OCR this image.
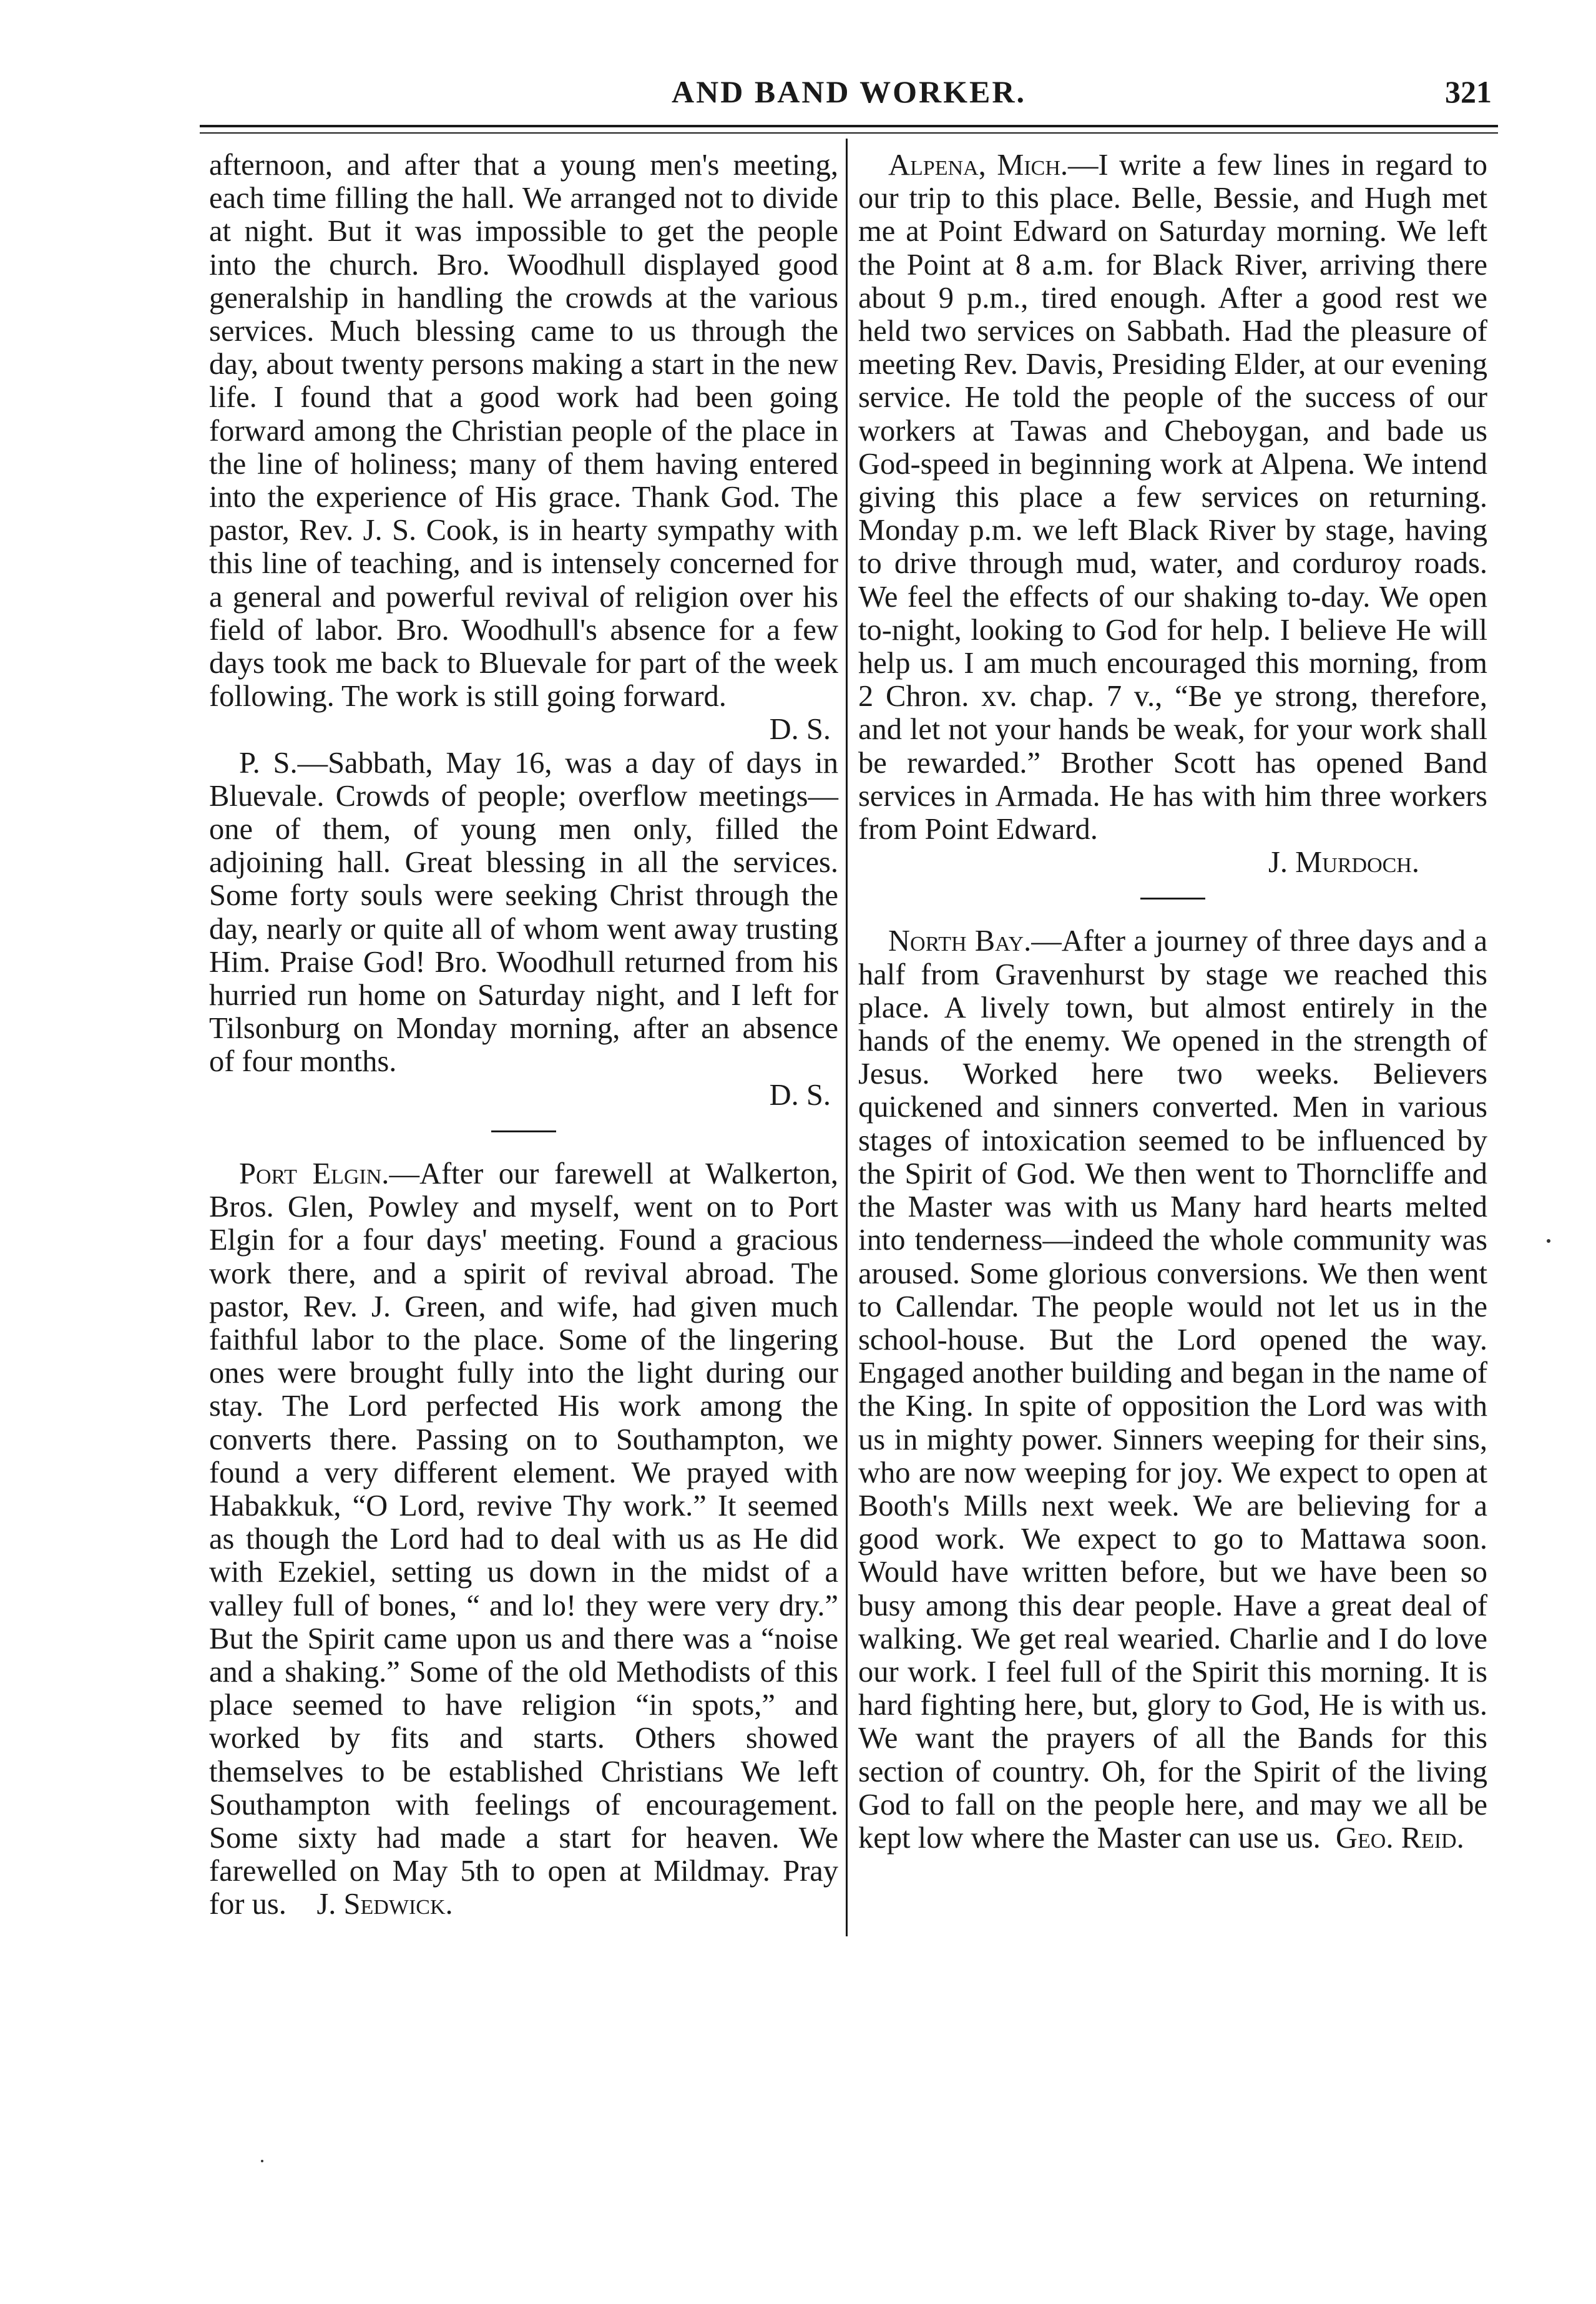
AND BAND WORKER.	321

afternoon, and after that a young men's meeting, each time filling the hall. We arranged not to divide at night. But it was impossible to get the people into the church. Bro. Woodhull displayed good generalship in handling the crowds at the various services. Much blessing came to us through the day, about twenty persons making a start in the new life. I found that a good work had been going forward among the Christian people of the place in the line of holiness; many of them having entered into the experience of His grace. Thank God. The pastor, Rev. J. S. Cook, is in hearty sympathy with this line of teaching, and is intensely concerned for a general and powerful revival of religion over his field of labor. Bro. Woodhull's absence for a few days took me back to Bluevale for part of the week following. The work is still going forward.

D. S.

P. S.—Sabbath, May 16, was a day of days in Bluevale. Crowds of people; overflow meetings—one of them, of young men only, filled the adjoining hall. Great blessing in all the services. Some forty souls were seeking Christ through the day, nearly or quite all of whom went away trusting Him. Praise God! Bro. Woodhull returned from his hurried run home on Saturday night, and I left for Tilsonburg on Monday morning, after an absence of four months.

D. S.

Port Elgin.—After our farewell at Walkerton, Bros. Glen, Powley and myself, went on to Port Elgin for a four days' meeting. Found a gracious work there, and a spirit of revival abroad. The pastor, Rev. J. Green, and wife, had given much faithful labor to the place. Some of the lingering ones were brought fully into the light during our stay. The Lord perfected His work among the converts there. Passing on to Southampton, we found a very different element. We prayed with Habakkuk, “O Lord, revive Thy work.” It seemed as though the Lord had to deal with us as He did with Ezekiel, setting us down in the midst of a valley full of bones, “ and lo! they were very dry.” But the Spirit came upon us and there was a “noise and a shaking.” Some of the old Methodists of this place seemed to have religion “in spots,” and worked by fits and starts. Others showed themselves to be established Christians We left Southampton with feelings of encouragement. Some sixty had made a start for heaven. We farewelled on May 5th to open at Mildmay. Pray for us. J. Sedwick.

Alpena, Mich.—I write a few lines in regard to our trip to this place. Belle, Bessie, and Hugh met me at Point Edward on Saturday morning. We left the Point at 8 a.m. for Black River, arriving there about 9 p.m., tired enough. After a good rest we held two services on Sabbath. Had the pleasure of meeting Rev. Davis, Presiding Elder, at our evening service. He told the people of the success of our workers at Tawas and Cheboygan, and bade us God-speed in beginning work at Alpena. We intend giving this place a few services on returning. Monday p.m. we left Black River by stage, having to drive through mud, water, and corduroy roads. We feel the effects of our shaking to-day. We open to-night, looking to God for help. I believe He will help us. I am much encouraged this morning, from 2 Chron. xv. chap. 7 v., “Be ye strong, therefore, and let not your hands be weak, for your work shall be rewarded.” Brother Scott has opened Band services in Armada. He has with him three workers from Point Edward.

J. Murdoch.

North Bay.—After a journey of three days and a half from Gravenhurst by stage we reached this place. A lively town, but almost entirely in the hands of the enemy. We opened in the strength of Jesus. Worked here two weeks. Believers quickened and sinners converted. Men in various stages of intoxication seemed to be influenced by the Spirit of God. We then went to Thorncliffe and the Master was with us Many hard hearts melted into tenderness—indeed the whole community was aroused. Some glorious conversions. We then went to Callendar. The people would not let us in the school-house. But the Lord opened the way. Engaged another building and began in the name of the King. In spite of opposition the Lord was with us in mighty power. Sinners weeping for their sins, who are now weeping for joy. We expect to open at Booth's Mills next week. We are believing for a good work. We expect to go to Mattawa soon. Would have written before, but we have been so busy among this dear people. Have a great deal of walking. We get real wearied. Charlie and I do love our work. I feel full of the Spirit this morning. It is hard fighting here, but, glory to God, He is with us. We want the prayers of all the Bands for this section of country. Oh, for the Spirit of the living God to fall on the people here, and may we all be kept low where the Master can use us. Geo. Reid.
